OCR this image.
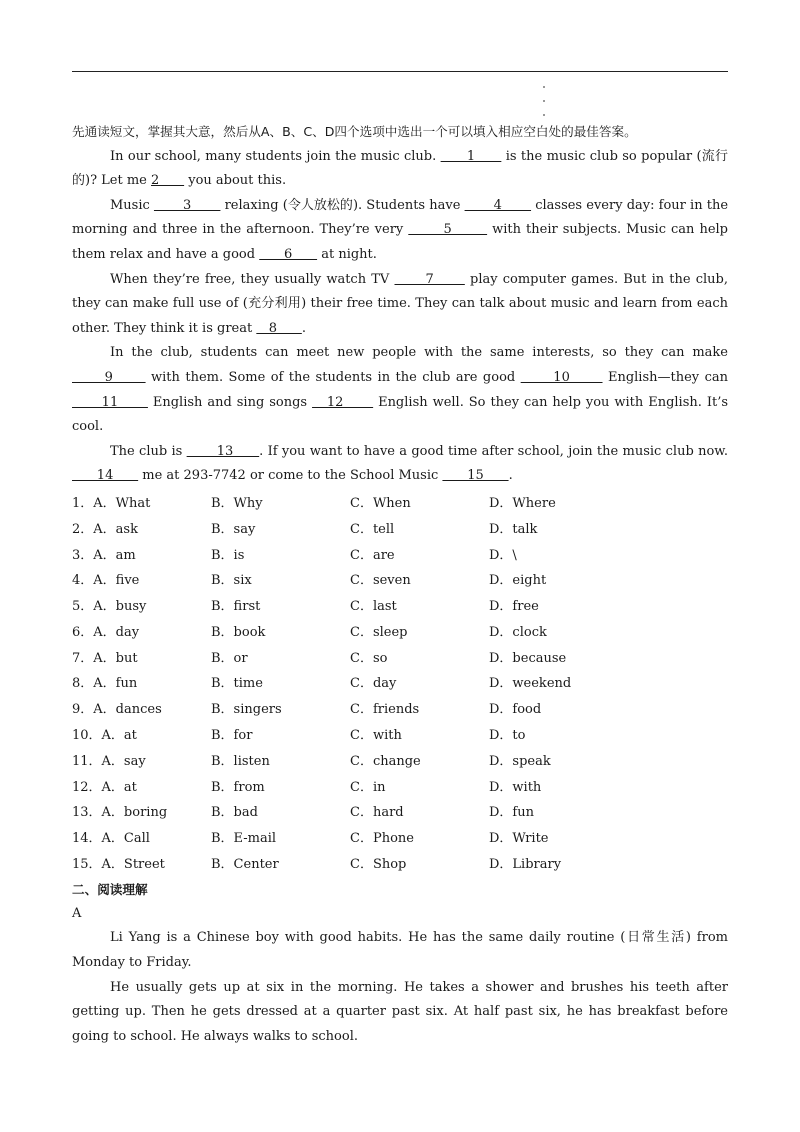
先通读短文，掌握其大意，然后从A、B、C、D四个选项中选出一个可以填入相应空白处的最佳答案。

In our school, many students join the music club.       1       is the music club so popular (流行的)? Let me 2       you about this.

Music        3        relaxing (令人放松的). Students have        4        classes every day: four in the morning and three in the afternoon. They’re very        5        with their subjects. Music can help them relax and have a good       6       at night.

When they’re free, they usually watch TV       7       play computer games. But in the club, they can make full use of (充分利用) their free time. They can talk about music and learn from each other. They think it is great    8      .

In the club, students can meet new people with the same interests, so they can make       9       with them. Some of the students in the club are good       10       English—they can       11       English and sing songs    12       English well. So they can help you with English. It’s cool.

The club is        13      . If you want to have a good time after school, join the music club now.       14       me at 293-7742 or come to the School Music       15      .

1．A．What	B．Why	C．When	D．Where
2．A．ask	B．say	C．tell	D．talk
3．A．am	B．is	C．are	D．\
4．A．five	B．six	C．seven	D．eight
5．A．busy	B．first	C．last	D．free
6．A．day	B．book	C．sleep	D．clock
7．A．but	B．or	C．so	D．because
8．A．fun	B．time	C．day	D．weekend
9．A．dances	B．singers	C．friends	D．food
10．A．at	B．for	C．with	D．to
11．A．say	B．listen	C．change	D．speak
12．A．at	B．from	C．in	D．with
13．A．boring	B．bad	C．hard	D．fun
14．A．Call	B．E-mail	C．Phone	D．Write
15．A．Street	B．Center	C．Shop	D．Library

二、阅读理解

A

Li Yang is a Chinese boy with good habits. He has the same daily routine (日常生活) from Monday to Friday.

He usually gets up at six in the morning. He takes a shower and brushes his teeth after getting up. Then he gets dressed at a quarter past six. At half past six, he has breakfast before going to school. He always walks to school.
